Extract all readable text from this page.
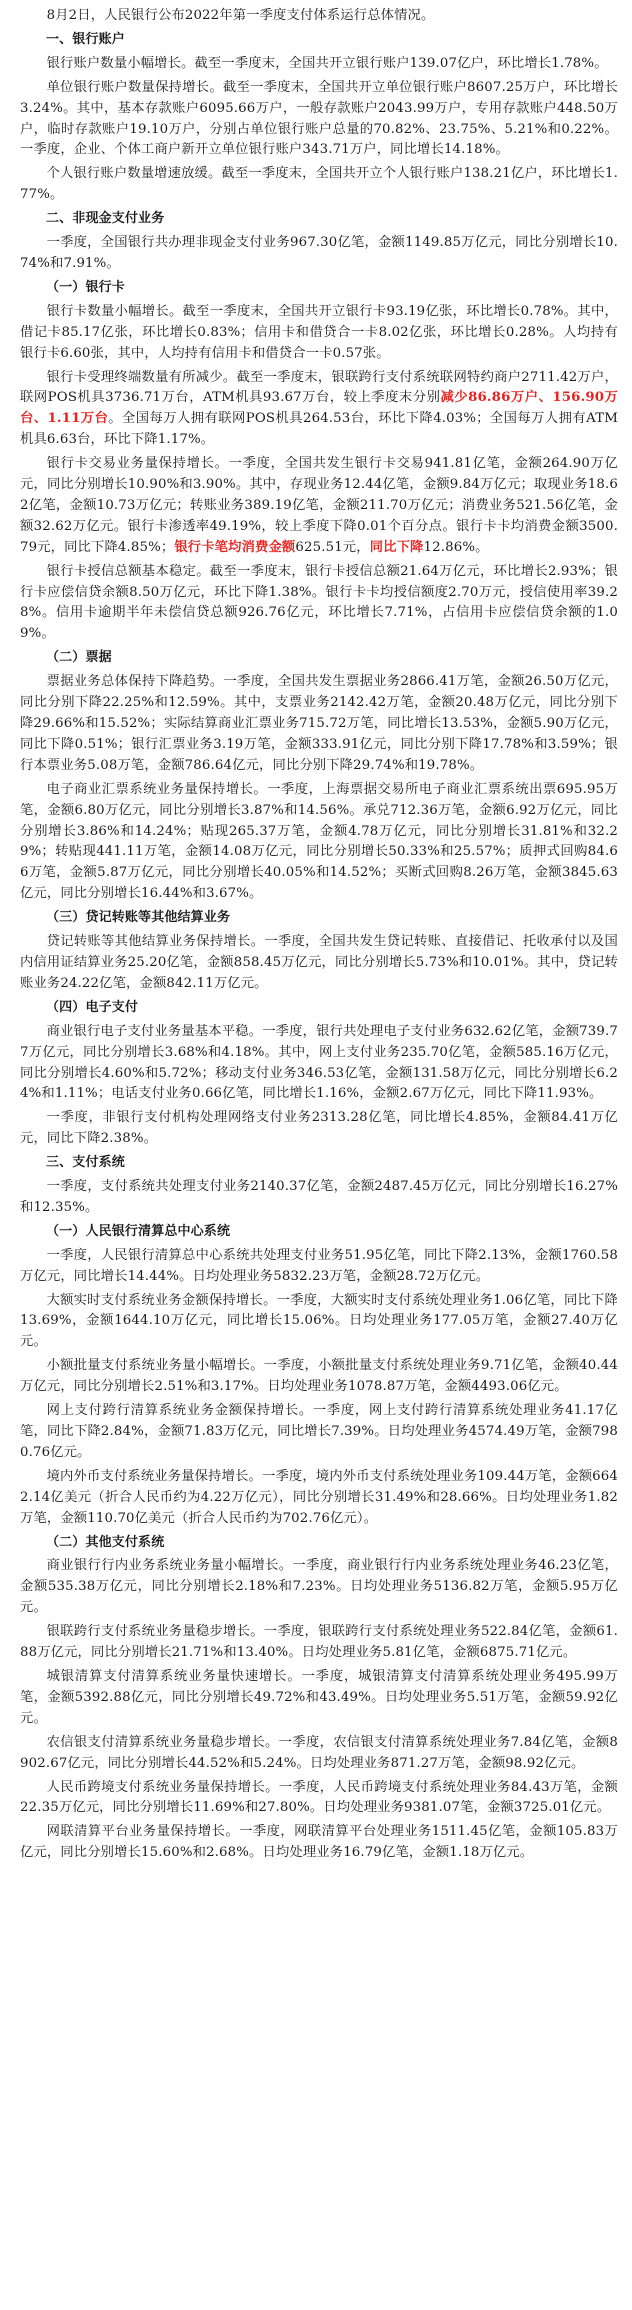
8月2日，人民银行公布2022年第一季度支付体系运行总体情况。

一、银行账户

银行账户数量小幅增长。截至一季度末，全国共开立银行账户139.07亿户，环比增长1.78%。

单位银行账户数量保持增长。截至一季度末，全国共开立单位银行账户8607.25万户，环比增长3.24%。其中，基本存款账户6095.66万户，一般存款账户2043.99万户，专用存款账户448.50万户，临时存款账户19.10万户，分别占单位银行账户总量的70.82%、23.75%、5.21%和0.22%。一季度，企业、个体工商户新开立单位银行账户343.71万户，同比增长14.18%。

个人银行账户数量增速放缓。截至一季度末，全国共开立个人银行账户138.21亿户，环比增长1.77%。

二、非现金支付业务

一季度，全国银行共办理非现金支付业务967.30亿笔，金额1149.85万亿元，同比分别增长10.74%和7.91%。

（一）银行卡

银行卡数量小幅增长。截至一季度末，全国共开立银行卡93.19亿张，环比增长0.78%。其中，借记卡85.17亿张，环比增长0.83%；信用卡和借贷合一卡8.02亿张，环比增长0.28%。人均持有银行卡6.60张，其中，人均持有信用卡和借贷合一卡0.57张。

银行卡受理终端数量有所减少。截至一季度末，银联跨行支付系统联网特约商户2711.42万户，联网POS机具3736.71万台，ATM机具93.67万台，较上季度末分别减少86.86万户、156.90万台、1.11万台。全国每万人拥有联网POS机具264.53台，环比下降4.03%；全国每万人拥有ATM机具6.63台，环比下降1.17%。

银行卡交易业务量保持增长。一季度，全国共发生银行卡交易941.81亿笔，金额264.90万亿元，同比分别增长10.90%和3.90%。其中，存现业务12.44亿笔，金额9.84万亿元；取现业务18.62亿笔，金额10.73万亿元；转账业务389.19亿笔，金额211.70万亿元；消费业务521.56亿笔，金额32.62万亿元。银行卡渗透率49.19%，较上季度下降0.01个百分点。银行卡卡均消费金额3500.79元，同比下降4.85%；银行卡笔均消费金额625.51元，同比下降12.86%。

银行卡授信总额基本稳定。截至一季度末，银行卡授信总额21.64万亿元，环比增长2.93%；银行卡应偿信贷余额8.50万亿元，环比下降1.38%。银行卡卡均授信额度2.70万元，授信使用率39.28%。信用卡逾期半年未偿信贷总额926.76亿元，环比增长7.71%，占信用卡应偿信贷余额的1.09%。

（二）票据

票据业务总体保持下降趋势。一季度，全国共发生票据业务2866.41万笔，金额26.50万亿元，同比分别下降22.25%和12.59%。其中，支票业务2142.42万笔，金额20.48万亿元，同比分别下降29.66%和15.52%；实际结算商业汇票业务715.72万笔，同比增长13.53%，金额5.90万亿元，同比下降0.51%；银行汇票业务3.19万笔，金额333.91亿元，同比分别下降17.78%和3.59%；银行本票业务5.08万笔，金额786.64亿元，同比分别下降29.74%和19.78%。

电子商业汇票系统业务量保持增长。一季度，上海票据交易所电子商业汇票系统出票695.95万笔，金额6.80万亿元，同比分别增长3.87%和14.56%。承兑712.36万笔，金额6.92万亿元，同比分别增长3.86%和14.24%；贴现265.37万笔，金额4.78万亿元，同比分别增长31.81%和32.29%；转贴现441.11万笔，金额14.08万亿元，同比分别增长50.33%和25.57%；质押式回购84.66万笔，金额5.87万亿元，同比分别增长40.05%和14.52%；买断式回购8.26万笔，金额3845.63亿元，同比分别增长16.44%和3.67%。

（三）贷记转账等其他结算业务

贷记转账等其他结算业务保持增长。一季度，全国共发生贷记转账、直接借记、托收承付以及国内信用证结算业务25.20亿笔，金额858.45万亿元，同比分别增长5.73%和10.01%。其中，贷记转账业务24.22亿笔，金额842.11万亿元。

（四）电子支付

商业银行电子支付业务量基本平稳。一季度，银行共处理电子支付业务632.62亿笔，金额739.77万亿元，同比分别增长3.68%和4.18%。其中，网上支付业务235.70亿笔，金额585.16万亿元，同比分别增长4.60%和5.72%；移动支付业务346.53亿笔，金额131.58万亿元，同比分别增长6.24%和1.11%；电话支付业务0.66亿笔，同比增长1.16%，金额2.67万亿元，同比下降11.93%。

一季度，非银行支付机构处理网络支付业务2313.28亿笔，同比增长4.85%，金额84.41万亿元，同比下降2.38%。

三、支付系统

一季度，支付系统共处理支付业务2140.37亿笔，金额2487.45万亿元，同比分别增长16.27%和12.35%。

（一）人民银行清算总中心系统

一季度，人民银行清算总中心系统共处理支付业务51.95亿笔，同比下降2.13%，金额1760.58万亿元，同比增长14.44%。日均处理业务5832.23万笔，金额28.72万亿元。

大额实时支付系统业务金额保持增长。一季度，大额实时支付系统处理业务1.06亿笔，同比下降13.69%，金额1644.10万亿元，同比增长15.06%。日均处理业务177.05万笔，金额27.40万亿元。

小额批量支付系统业务量小幅增长。一季度，小额批量支付系统处理业务9.71亿笔，金额40.44万亿元，同比分别增长2.51%和3.17%。日均处理业务1078.87万笔，金额4493.06亿元。

网上支付跨行清算系统业务金额保持增长。一季度，网上支付跨行清算系统处理业务41.17亿笔，同比下降2.84%，金额71.83万亿元，同比增长7.39%。日均处理业务4574.49万笔，金额7980.76亿元。

境内外币支付系统业务量保持增长。一季度，境内外币支付系统处理业务109.44万笔，金额6642.14亿美元（折合人民币约为4.22万亿元），同比分别增长31.49%和28.66%。日均处理业务1.82万笔，金额110.70亿美元（折合人民币约为702.76亿元）。

（二）其他支付系统

商业银行行内业务系统业务量小幅增长。一季度，商业银行行内业务系统处理业务46.23亿笔，金额535.38万亿元，同比分别增长2.18%和7.23%。日均处理业务5136.82万笔，金额5.95万亿元。

银联跨行支付系统业务量稳步增长。一季度，银联跨行支付系统处理业务522.84亿笔，金额61.88万亿元，同比分别增长21.71%和13.40%。日均处理业务5.81亿笔，金额6875.71亿元。

城银清算支付清算系统业务量快速增长。一季度，城银清算支付清算系统处理业务495.99万笔，金额5392.88亿元，同比分别增长49.72%和43.49%。日均处理业务5.51万笔，金额59.92亿元。

农信银支付清算系统业务量稳步增长。一季度，农信银支付清算系统处理业务7.84亿笔，金额8902.67亿元，同比分别增长44.52%和5.24%。日均处理业务871.27万笔，金额98.92亿元。

人民币跨境支付系统业务量保持增长。一季度，人民币跨境支付系统处理业务84.43万笔，金额22.35万亿元，同比分别增长11.69%和27.80%。日均处理业务9381.07笔，金额3725.01亿元。

网联清算平台业务量保持增长。一季度，网联清算平台处理业务1511.45亿笔，金额105.83万亿元，同比分别增长15.60%和2.68%。日均处理业务16.79亿笔，金额1.18万亿元。
